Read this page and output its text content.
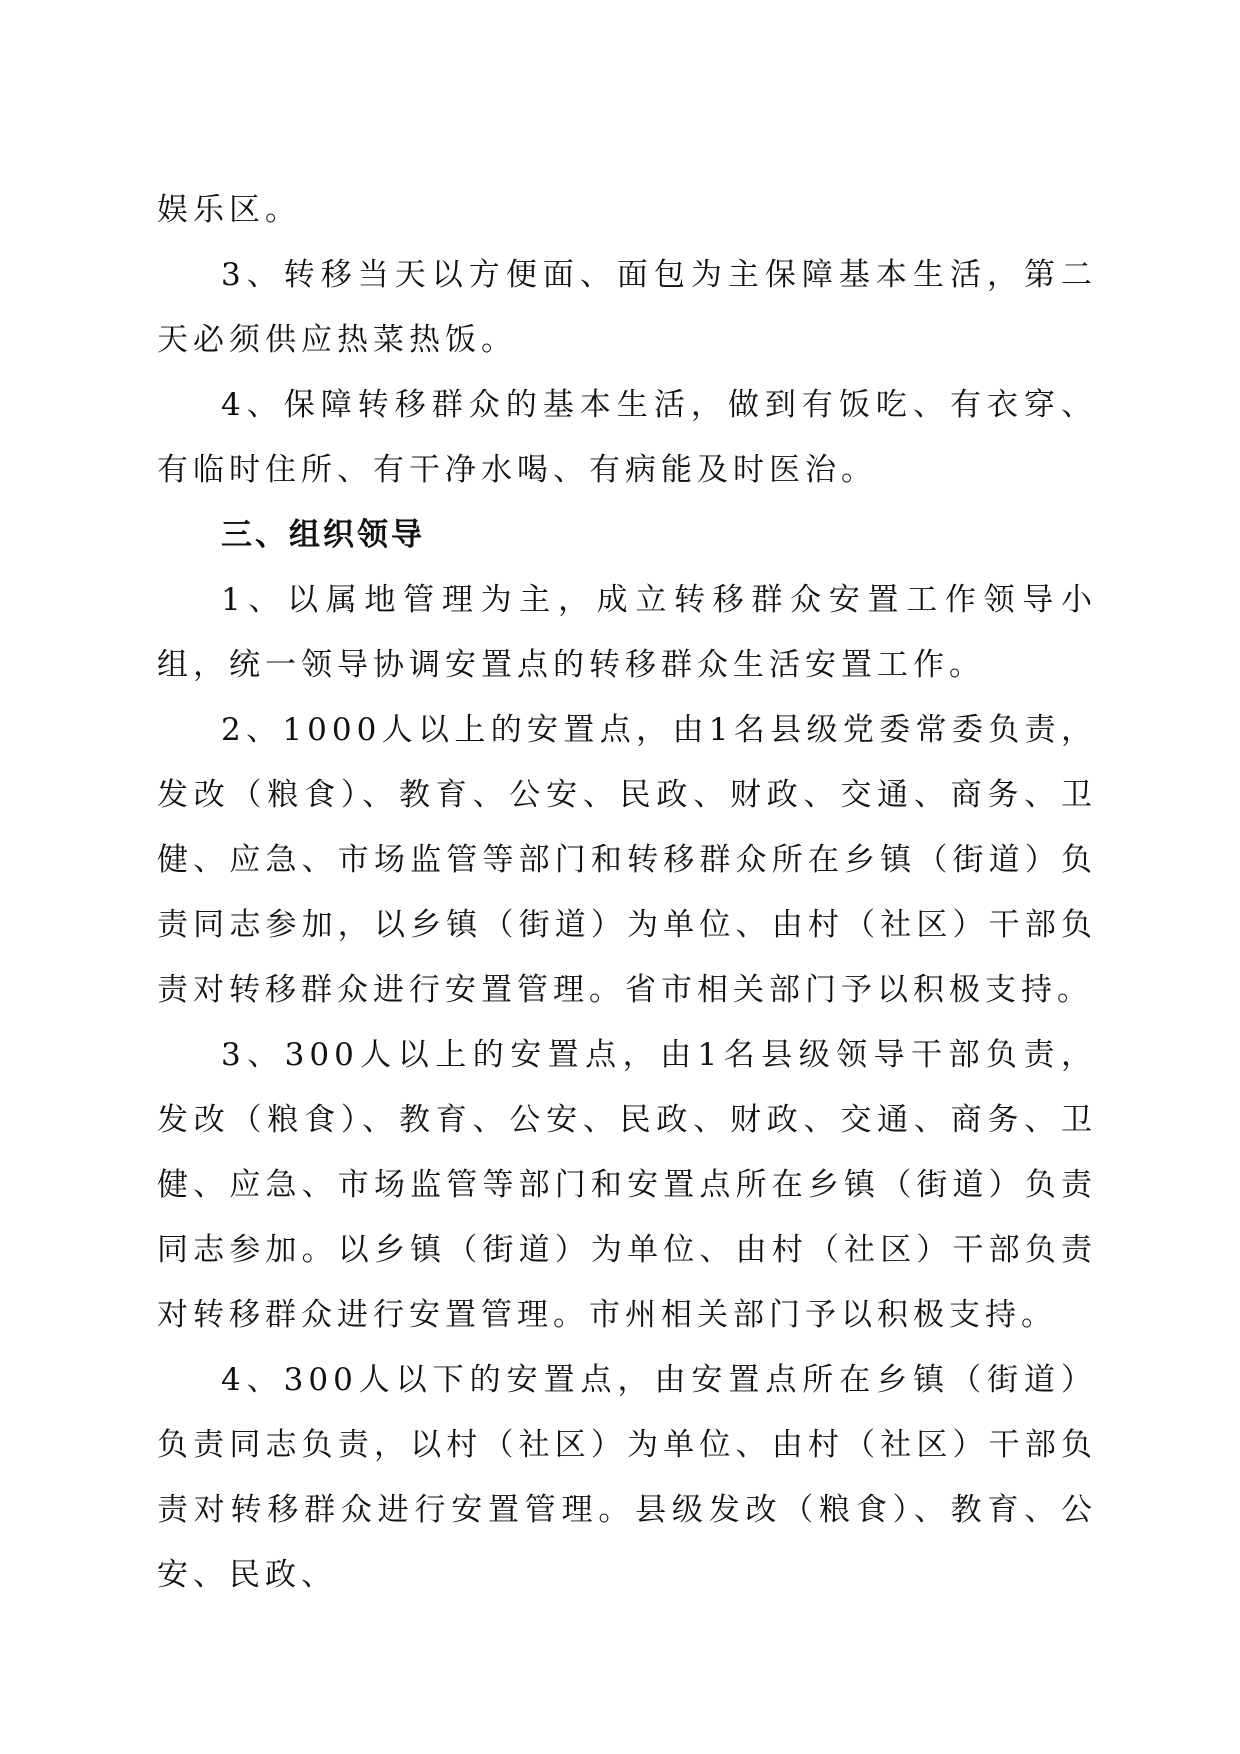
娱乐区。

3、转移当天以方便面、面包为主保障基本生活，第二天必须供应热菜热饭。

4、保障转移群众的基本生活，做到有饭吃、有衣穿、有临时住所、有干净水喝、有病能及时医治。

三、组织领导

1、以属地管理为主，成立转移群众安置工作领导小组，统一领导协调安置点的转移群众生活安置工作。

2、1000人以上的安置点，由1名县级党委常委负责，发改（粮食）、教育、公安、民政、财政、交通、商务、卫健、应急、市场监管等部门和转移群众所在乡镇（街道）负责同志参加，以乡镇（街道）为单位、由村（社区）干部负责对转移群众进行安置管理。省市相关部门予以积极支持。

3、300人以上的安置点，由1名县级领导干部负责，发改（粮食）、教育、公安、民政、财政、交通、商务、卫健、应急、市场监管等部门和安置点所在乡镇（街道）负责同志参加。以乡镇（街道）为单位、由村（社区）干部负责对转移群众进行安置管理。市州相关部门予以积极支持。

4、300人以下的安置点，由安置点所在乡镇（街道）负责同志负责，以村（社区）为单位、由村（社区）干部负责对转移群众进行安置管理。县级发改（粮食）、教育、公安、民政、
